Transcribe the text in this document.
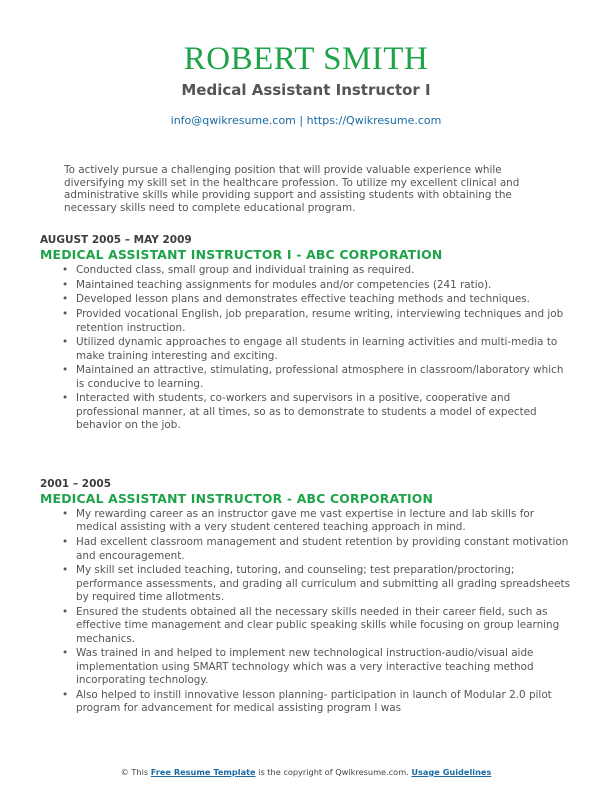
ROBERT SMITH
Medical Assistant Instructor I
info@qwikresume.com | https://Qwikresume.com
To actively pursue a challenging position that will provide valuable experience while diversifying my skill set in the healthcare profession. To utilize my excellent clinical and administrative skills while providing support and assisting students with obtaining the necessary skills need to complete educational program.
AUGUST 2005 – MAY 2009
MEDICAL ASSISTANT INSTRUCTOR I - ABC CORPORATION
• Conducted class, small group and individual training as required.
• Maintained teaching assignments for modules and/or competencies (241 ratio).
• Developed lesson plans and demonstrates effective teaching methods and techniques.
• Provided vocational English, job preparation, resume writing, interviewing techniques and job retention instruction.
• Utilized dynamic approaches to engage all students in learning activities and multi-media to make training interesting and exciting.
• Maintained an attractive, stimulating, professional atmosphere in classroom/laboratory which is conducive to learning.
• Interacted with students, co-workers and supervisors in a positive, cooperative and professional manner, at all times, so as to demonstrate to students a model of expected behavior on the job.
2001 – 2005
MEDICAL ASSISTANT INSTRUCTOR - ABC CORPORATION
• My rewarding career as an instructor gave me vast expertise in lecture and lab skills for medical assisting with a very student centered teaching approach in mind.
• Had excellent classroom management and student retention by providing constant motivation and encouragement.
• My skill set included teaching, tutoring, and counseling; test preparation/proctoring; performance assessments, and grading all curriculum and submitting all grading spreadsheets by required time allotments.
• Ensured the students obtained all the necessary skills needed in their career field, such as effective time management and clear public speaking skills while focusing on group learning mechanics.
• Was trained in and helped to implement new technological instruction-audio/visual aide implementation using SMART technology which was a very interactive teaching method incorporating technology.
• Also helped to instill innovative lesson planning- participation in launch of Modular 2.0 pilot program for advancement for medical assisting program I was
© This Free Resume Template is the copyright of Qwikresume.com. Usage Guidelines
